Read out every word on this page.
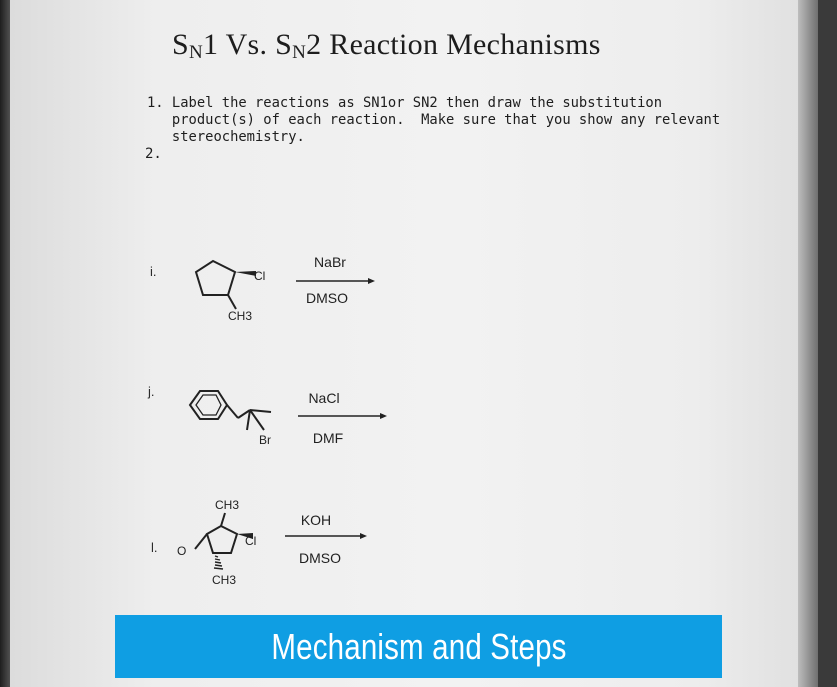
$S_N1$ Vs. $S_N2$ Reaction Mechanisms
1. Label the reactions as SN1or SN2 then draw the substitution
product(s) of each reaction.  Make sure that you show any relevant
stereochemistry.
2.
i.	Cl
CH3
NaBr
DMSO
j.
Br
NaCl
DMF
l.
CH3
Cl
O
CH3
KOH
DMSO
Mechanism and Steps
